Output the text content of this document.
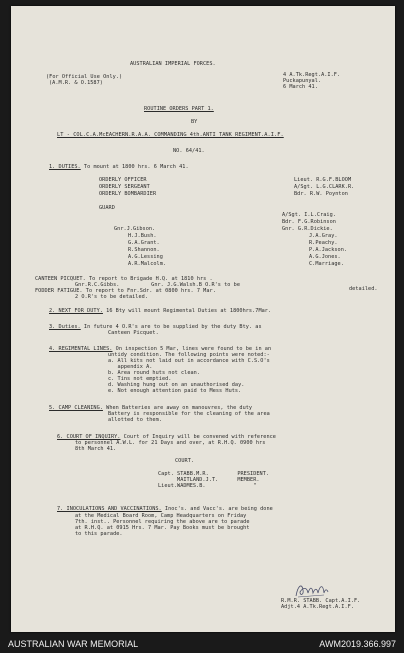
AUSTRALIAN IMPERIAL FORCES.
(For Official Use Only.)
(A.M.R. & O.1587)
4 A.Tk.Regt.A.I.F.
Puckapunyal.
6 March 41.
ROUTINE ORDERS PART 1.
BY
LT - COL.C.A.McEACHERN.R.A.A. COMMANDING 4th.ANTI TANK REGIMENT.A.I.F.
NO. 64/41.
1. DUTIES. To mount at 1800 hrs. 6 March 41.
ORDERLY OFFICER	Lieut. R.G.F.BLOOM
ORDERLY SERGEANT	A/Sgt. L.G.CLARK.R.
ORDERLY BOMBARDIER	Bdr. R.W. Poynton
GUARD
Gnr.J.Gibson.
H.J.Bush.
G.A.Grant.
R.Shannon.
A.G.Lessing
A.R.Malcolm.
A/Sgt. I.L.Craig.
Bdr. F.G.Robinson
Gnr. G.R.Dickie.
J.A.Gray.
R.Peachy.
P.A.Jackson.
A.G.Jones.
C.Marriage.
CANTEEN PICQUET. To report to Brigade H.Q. at 1810 hrs .
Gnr.R.C.Gibbs.          Gnr. J.G.Walsh.B O.R's to be
FODDER FATIGUE. To report to Fnr.Sdr. at 0800 hrs. 7 Mar.	detailed.
2 O.R's to be detailed.
2. NEXT FOR DUTY. 16 Bty will mount Regimental Duties at 1800hrs.7Mar.
3. Duties. In future 4 O.R's are to be supplied by the duty Bty. as
Canteen Picquet.
4. REGIMENTAL LINES. On inspection 5 Mar, lines were found to be in an
untidy condition. The following points were noted:-
a. All kits not laid out in accordance with C.S.O's
appendix A.
b. Area round huts not clean.
c. Tins not emptied.
d. Washing hung out on an unauthorised day.
e. Not enough attention paid to Mess Huts.
5. CAMP CLEANING. When Batteries are away on manouvres, the duty
Battery is responsible for the cleaning of the area
allotted to them.
6. COURT OF INQUIRY. Court of Inquiry will be convened with reference
to personnel A.W.L. for 21 Days and over, at R.H.Q. 0900 hrs
8th March 41.
COURT.
Capt. STABB.M.R.         PRESIDENT.
MAITLAND.J.T.      MEMBER.
Lieut.WADMES.B.               "
7. INOCULATIONS AND VACCINATIONS. Inoc's. and Vacc's. are being done
at the Medical Board Room, Camp Headquarters on Friday
7th. inst.. Personnel requiring the above are to parade
at R.H.Q. at 0915 Hrs. 7 Mar. Pay Books must be brought
to this parade.
R.M.R. STABB. Capt.A.I.F.
Adjt.4 A.Tk.Regt.A.I.F.
AUSTRALIAN WAR MEMORIAL	AWM2019.366.997
